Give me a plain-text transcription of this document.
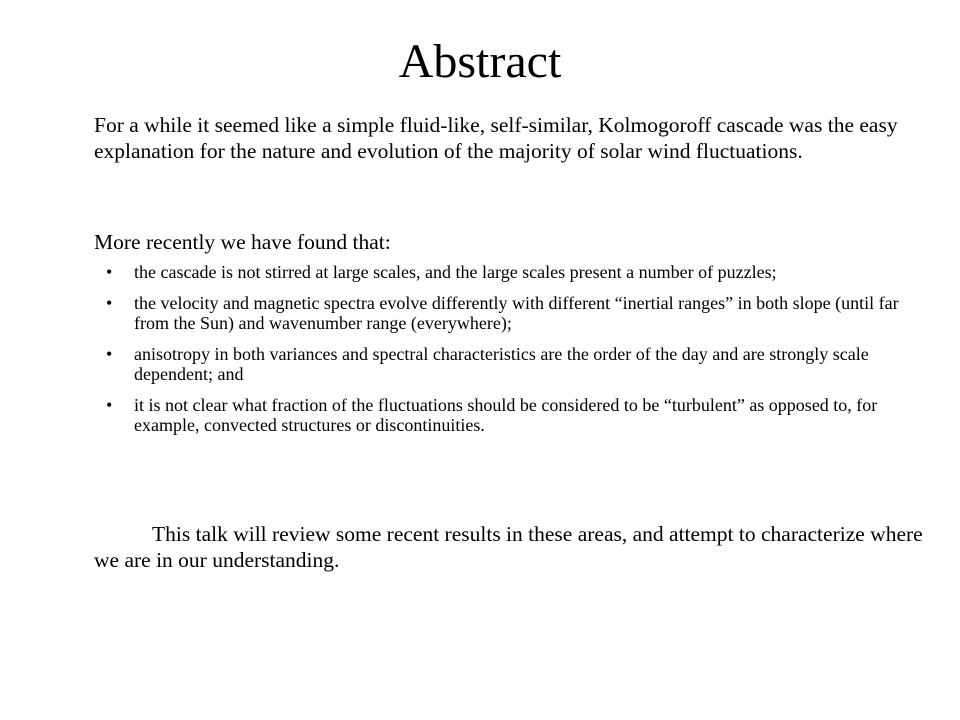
Abstract

For a while it seemed like a simple fluid-like, self-similar, Kolmogoroff cascade was the easy explanation for the nature and evolution of the majority of solar wind fluctuations.

More recently we have found that:

• the cascade is not stirred at large scales, and the large scales present a number of puzzles;
• the velocity and magnetic spectra evolve differently with different “inertial ranges” in both slope (until far from the Sun) and wavenumber range (everywhere);
• anisotropy in both variances and spectral characteristics are the order of the day and are strongly scale dependent; and
• it is not clear what fraction of the fluctuations should be considered to be “turbulent” as opposed to, for example, convected structures or discontinuities.

This talk will review some recent results in these areas, and attempt to characterize where we are in our understanding.
